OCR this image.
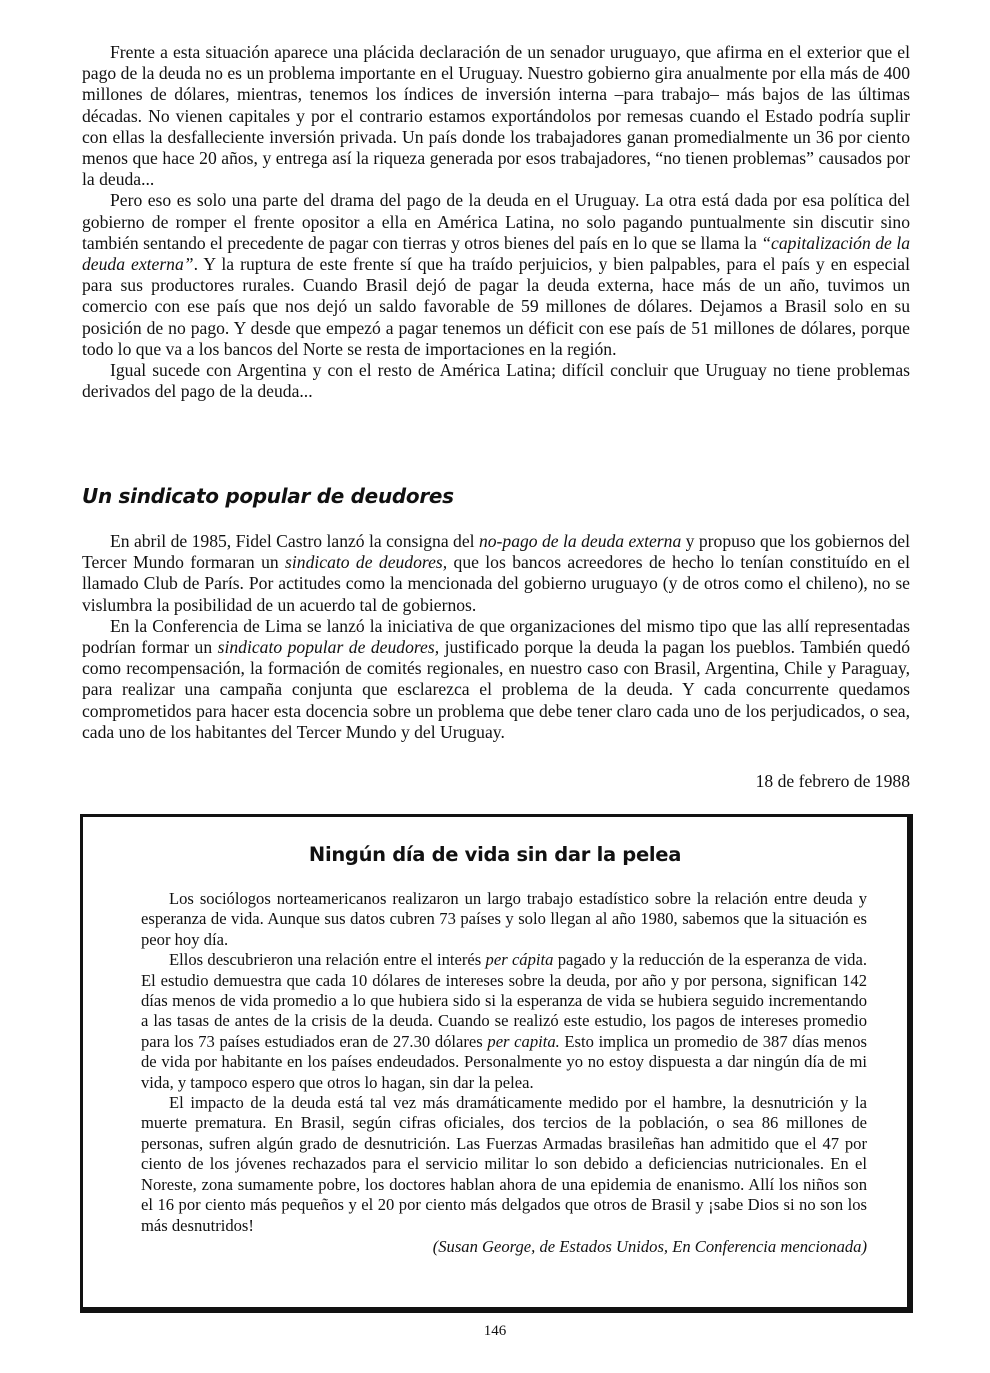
Frente a esta situación aparece una plácida declaración de un senador uruguayo, que afirma en el exterior que el pago de la deuda no es un problema importante en el Uruguay. Nuestro gobierno gira anualmente por ella más de 400 millones de dólares, mientras, tenemos los índices de inversión interna –para trabajo– más bajos de las últimas décadas. No vienen capitales y por el contrario estamos exportándolos por remesas cuando el Estado podría suplir con ellas la desfalleciente inversión privada. Un país donde los trabajadores ganan promedialmente un 36 por ciento menos que hace 20 años, y entrega así la riqueza generada por esos trabajadores, “no tienen problemas” causados por la deuda...

Pero eso es solo una parte del drama del pago de la deuda en el Uruguay. La otra está dada por esa política del gobierno de romper el frente opositor a ella en América Latina, no solo pagando puntualmente sin discutir sino también sentando el precedente de pagar con tierras y otros bienes del país en lo que se llama la “capitalización de la deuda externa”. Y la ruptura de este frente sí que ha traído perjuicios, y bien palpables, para el país y en especial para sus productores rurales. Cuando Brasil dejó de pagar la deuda externa, hace más de un año, tuvimos un comercio con ese país que nos dejó un saldo favorable de 59 millones de dólares. Dejamos a Brasil solo en su posición de no pago. Y desde que empezó a pagar tenemos un déficit con ese país de 51 millones de dólares, porque todo lo que va a los bancos del Norte se resta de importaciones en la región.

Igual sucede con Argentina y con el resto de América Latina; difícil concluir que Uruguay no tiene problemas derivados del pago de la deuda...

Un sindicato popular de deudores

En abril de 1985, Fidel Castro lanzó la consigna del no-pago de la deuda externa y propuso que los gobiernos del Tercer Mundo formaran un sindicato de deudores, que los bancos acreedores de hecho lo tenían constituído en el llamado Club de París. Por actitudes como la mencionada del gobierno uruguayo (y de otros como el chileno), no se vislumbra la posibilidad de un acuerdo tal de gobiernos.

En la Conferencia de Lima se lanzó la iniciativa de que organizaciones del mismo tipo que las allí representadas podrían formar un sindicato popular de deudores, justificado porque la deuda la pagan los pueblos. También quedó como recompensación, la formación de comités regionales, en nuestro caso con Brasil, Argentina, Chile y Paraguay, para realizar una campaña conjunta que esclarezca el problema de la deuda. Y cada concurrente quedamos comprometidos para hacer esta docencia sobre un problema que debe tener claro cada uno de los perjudicados, o sea, cada uno de los habitantes del Tercer Mundo y del Uruguay.

18 de febrero de 1988
Ningún día de vida sin dar la pelea

Los sociólogos norteamericanos realizaron un largo trabajo estadístico sobre la relación entre deuda y esperanza de vida. Aunque sus datos cubren 73 países y solo llegan al año 1980, sabemos que la situación es peor hoy día.

Ellos descubrieron una relación entre el interés per cápita pagado y la reducción de la esperanza de vida. El estudio demuestra que cada 10 dólares de intereses sobre la deuda, por año y por persona, significan 142 días menos de vida promedio a lo que hubiera sido si la esperanza de vida se hubiera seguido incrementando a las tasas de antes de la crisis de la deuda. Cuando se realizó este estudio, los pagos de intereses promedio para los 73 países estudiados eran de 27.30 dólares per capita. Esto implica un promedio de 387 días menos de vida por habitante en los países endeudados. Personalmente yo no estoy dispuesta a dar ningún día de mi vida, y tampoco espero que otros lo hagan, sin dar la pelea.

El impacto de la deuda está tal vez más dramáticamente medido por el hambre, la desnutrición y la muerte prematura. En Brasil, según cifras oficiales, dos tercios de la población, o sea 86 millones de personas, sufren algún grado de desnutrición. Las Fuerzas Armadas brasileñas han admitido que el 47 por ciento de los jóvenes rechazados para el servicio militar lo son debido a deficiencias nutricionales. En el Noreste, zona sumamente pobre, los doctores hablan ahora de una epidemia de enanismo. Allí los niños son el 16 por ciento más pequeños y el 20 por ciento más delgados que otros de Brasil y ¡sabe Dios si no son los más desnutridos!

(Susan George, de Estados Unidos, En Conferencia mencionada)
146
